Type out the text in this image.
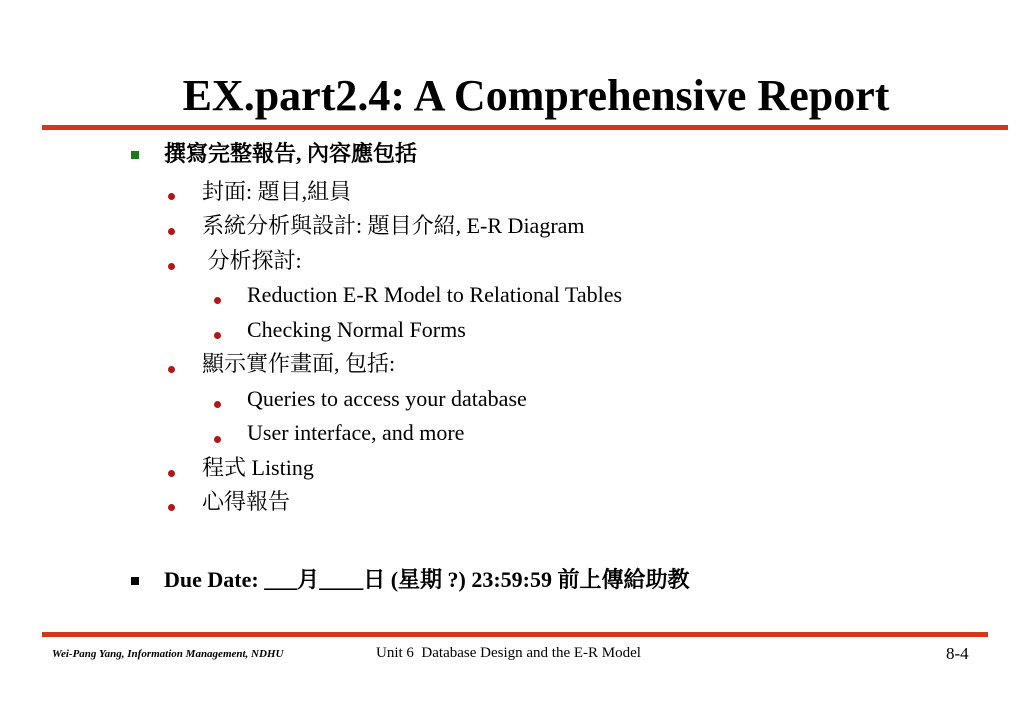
EX.part2.4: A Comprehensive Report
撰寫完整報告, 內容應包括
封面: 題目,組員
系統分析與設計: 題目介紹, E-R Diagram
分析探討:
Reduction E-R Model to Relational Tables
Checking Normal Forms
顯示實作畫面, 包括:
Queries to access your database
User interface, and more
程式 Listing
心得報告
Due Date: ___月____日 (星期 ?) 23:59:59 前上傳給助教
Wei-Pang Yang, Information Management, NDHU	Unit 6  Database Design and the E-R Model	8-4
